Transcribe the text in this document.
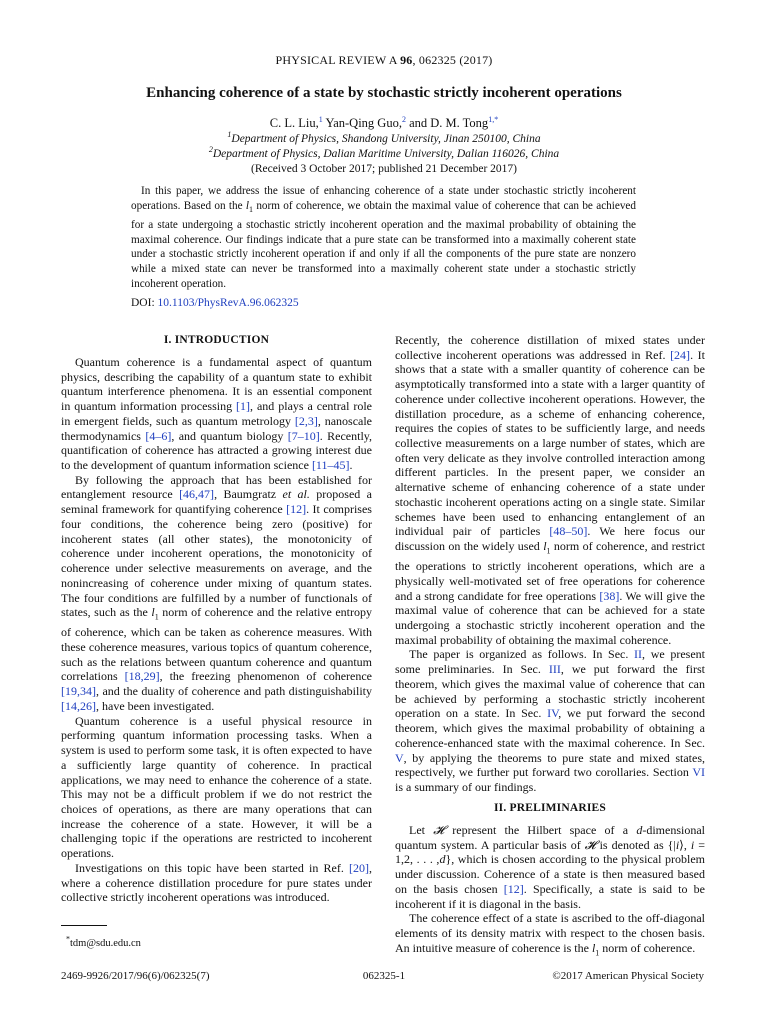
PHYSICAL REVIEW A 96, 062325 (2017)
Enhancing coherence of a state by stochastic strictly incoherent operations
C. L. Liu,$^1$ Yan-Qing Guo,$^2$ and D. M. Tong$^{1,*}$
$^1$Department of Physics, Shandong University, Jinan 250100, China
$^2$Department of Physics, Dalian Maritime University, Dalian 116026, China
(Received 3 October 2017; published 21 December 2017)
In this paper, we address the issue of enhancing coherence of a state under stochastic strictly incoherent operations. Based on the $l_1$ norm of coherence, we obtain the maximal value of coherence that can be achieved for a state undergoing a stochastic strictly incoherent operation and the maximal probability of obtaining the maximal coherence. Our findings indicate that a pure state can be transformed into a maximally coherent state under a stochastic strictly incoherent operation if and only if all the components of the pure state are nonzero while a mixed state can never be transformed into a maximally coherent state under a stochastic strictly incoherent operation.
DOI: 10.1103/PhysRevA.96.062325
I. INTRODUCTION

Quantum coherence is a fundamental aspect of quantum physics, describing the capability of a quantum state to exhibit quantum interference phenomena. It is an essential component in quantum information processing [1], and plays a central role in emergent fields, such as quantum metrology [2,3], nanoscale thermodynamics [4–6], and quantum biology [7–10]. Recently, quantification of coherence has attracted a growing interest due to the development of quantum information science [11–45].

By following the approach that has been established for entanglement resource [46,47], Baumgratz et al. proposed a seminal framework for quantifying coherence [12]. It comprises four conditions, the coherence being zero (positive) for incoherent states (all other states), the monotonicity of coherence under incoherent operations, the monotonicity of coherence under selective measurements on average, and the nonincreasing of coherence under mixing of quantum states. The four conditions are fulfilled by a number of functionals of states, such as the $l_1$ norm of coherence and the relative entropy of coherence, which can be taken as coherence measures. With these coherence measures, various topics of quantum coherence, such as the relations between quantum coherence and quantum correlations [18,29], the freezing phenomenon of coherence [19,34], and the duality of coherence and path distinguishability [14,26], have been investigated.

Quantum coherence is a useful physical resource in performing quantum information processing tasks. When a system is used to perform some task, it is often expected to have a sufficiently large quantity of coherence. In practical applications, we may need to enhance the coherence of a state. This may not be a difficult problem if we do not restrict the choices of operations, as there are many operations that can increase the coherence of a state. However, it will be a challenging topic if the operations are restricted to incoherent operations.

Investigations on this topic have been started in Ref. [20], where a coherence distillation procedure for pure states under collective strictly incoherent operations was introduced.

Recently, the coherence distillation of mixed states under collective incoherent operations was addressed in Ref. [24]. It shows that a state with a smaller quantity of coherence can be asymptotically transformed into a state with a larger quantity of coherence under collective incoherent operations. However, the distillation procedure, as a scheme of enhancing coherence, requires the copies of states to be sufficiently large, and needs collective measurements on a large number of states, which are often very delicate as they involve controlled interaction among different particles. In the present paper, we consider an alternative scheme of enhancing coherence of a state under stochastic incoherent operations acting on a single state. Similar schemes have been used to enhancing entanglement of an individual pair of particles [48–50]. We here focus our discussion on the widely used $l_1$ norm of coherence, and restrict the operations to strictly incoherent operations, which are a physically well-motivated set of free operations for coherence and a strong candidate for free operations [38]. We will give the maximal value of coherence that can be achieved for a state undergoing a stochastic strictly incoherent operation and the maximal probability of obtaining the maximal coherence.

The paper is organized as follows. In Sec. II, we present some preliminaries. In Sec. III, we put forward the first theorem, which gives the maximal value of coherence that can be achieved by performing a stochastic strictly incoherent operation on a state. In Sec. IV, we put forward the second theorem, which gives the maximal probability of obtaining a coherence-enhanced state with the maximal coherence. In Sec. V, by applying the theorems to pure state and mixed states, respectively, we further put forward two corollaries. Section VI is a summary of our findings.

II. PRELIMINARIES

Let 𝓗 represent the Hilbert space of a d-dimensional quantum system. A particular basis of 𝓗 is denoted as {|i⟩, i = 1,2, . . . ,d}, which is chosen according to the physical problem under discussion. Coherence of a state is then measured based on the basis chosen [12]. Specifically, a state is said to be incoherent if it is diagonal in the basis.

The coherence effect of a state is ascribed to the off-diagonal elements of its density matrix with respect to the chosen basis. An intuitive measure of coherence is the $l_1$ norm of coherence.

*tdm@sdu.edu.cn
2469-9926/2017/96(6)/062325(7)	062325-1	©2017 American Physical Society
